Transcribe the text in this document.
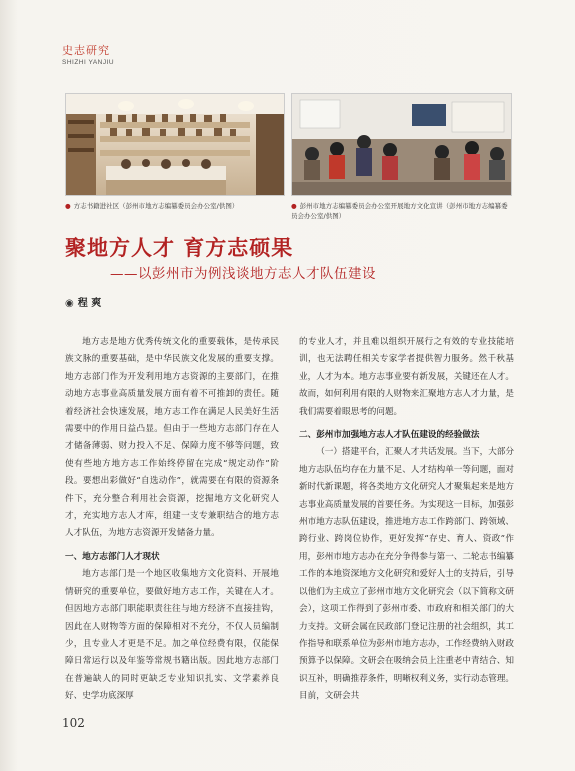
史志研究
SHIZHI YANJIU
● 方志书籍进社区（彭州市地方志编纂委员会办公室/供图）	● 彭州市地方志编纂委员会办公室开展地方文化宣讲（彭州市地方志编纂委员会办公室/供图）
聚地方人才 育方志硕果
——以彭州市为例浅谈地方志人才队伍建设
◉ 程 爽

地方志是地方优秀传统文化的重要载体，是传承民族文脉的重要基础，是中华民族文化发展的重要支撑。地方志部门作为开发利用地方志资源的主要部门，在推动地方志事业高质量发展方面有着不可推卸的责任。随着经济社会快速发展，地方志工作在满足人民美好生活需要中的作用日益凸显。但由于一些地方志部门存在人才储备薄弱、财力投入不足、保障力度不够等问题，致使有些地方地方志工作始终停留在完成“规定动作”阶段。要想出彩做好“自选动作”，就需要在有限的资源条件下，充分整合利用社会资源，挖掘地方文化研究人才，充实地方志人才库，组建一支专兼职结合的地方志人才队伍，为地方志资源开发储备力量。

一、地方志部门人才现状

地方志部门是一个地区收集地方文化资料、开展地情研究的重要单位，要做好地方志工作，关键在人才。但因地方志部门职能职责往往与地方经济不直接挂钩，因此在人财物等方面的保障相对不充分，不仅人员编制少，且专业人才更是不足。加之单位经费有限，仅能保障日常运行以及年鉴等常规书籍出版。因此地方志部门在普遍缺人的同时更缺乏专业知识扎实、文学素养良好、史学功底深厚

的专业人才，并且难以组织开展行之有效的专业技能培训，也无法聘任相关专家学者提供智力服务。然千秋基业，人才为本。地方志事业要有新发展，关键还在人才。故而，如何利用有限的人财物来汇聚地方志人才力量，是我们需要着眼思考的问题。

二、彭州市加强地方志人才队伍建设的经验做法

（一）搭建平台，汇聚人才共话发展。当下，大部分地方志队伍均存在力量不足、人才结构单一等问题，面对新时代新课题，将各类地方文化研究人才聚集起来是地方志事业高质量发展的首要任务。为实现这一目标，加强彭州市地方志队伍建设，推进地方志工作跨部门、跨领域、跨行业、跨岗位协作，更好发挥“存史、育人、资政”作用，彭州市地方志办在充分争得参与第一、二轮志书编纂工作的本地资深地方文化研究和爱好人士的支持后，引导以他们为主成立了彭州市地方文化研究会（以下简称文研会），这项工作得到了彭州市委、市政府和相关部门的大力支持。文研会属在民政部门登记注册的社会组织，其工作指导和联系单位为彭州市地方志办，工作经费纳入财政预算予以保障。文研会在吸纳会员上注重老中青结合、知识互补，明确推荐条件，明晰权利义务，实行动态管理。目前，文研会共

102
